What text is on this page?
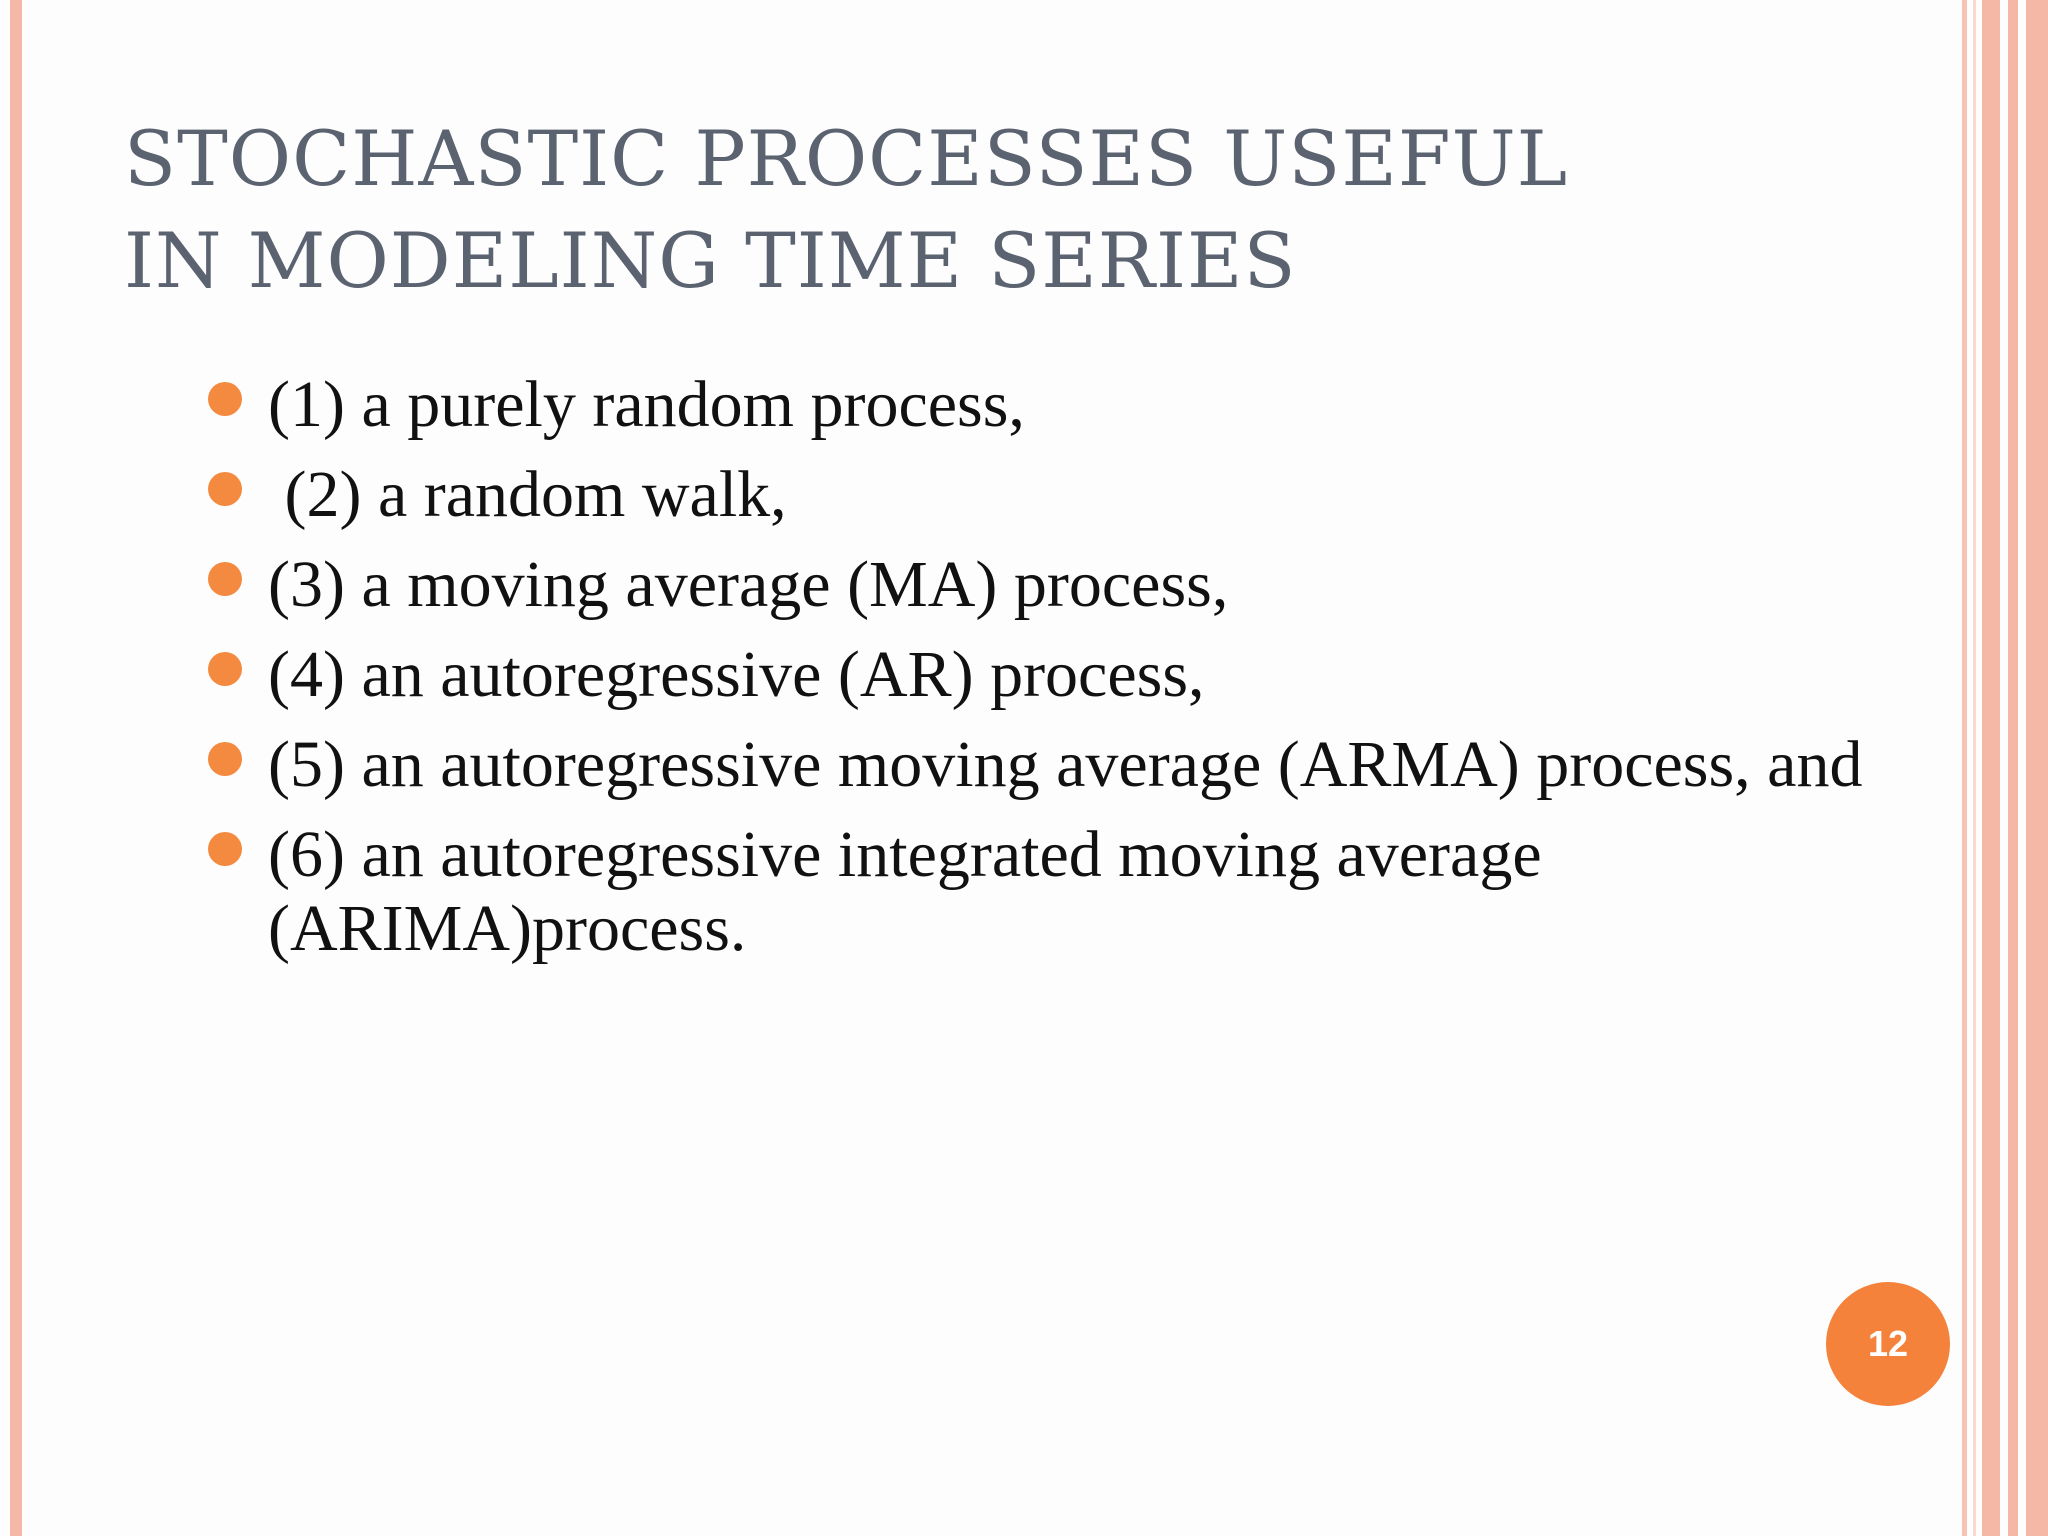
STOCHASTIC PROCESSES USEFUL
IN MODELING TIME SERIES
(1) a purely random process,
(2) a random walk,
(3) a moving average (MA) process,
(4) an autoregressive (AR) process,
(5) an autoregressive moving average (ARMA) process, and
(6) an autoregressive integrated moving average (ARIMA)process.
12
